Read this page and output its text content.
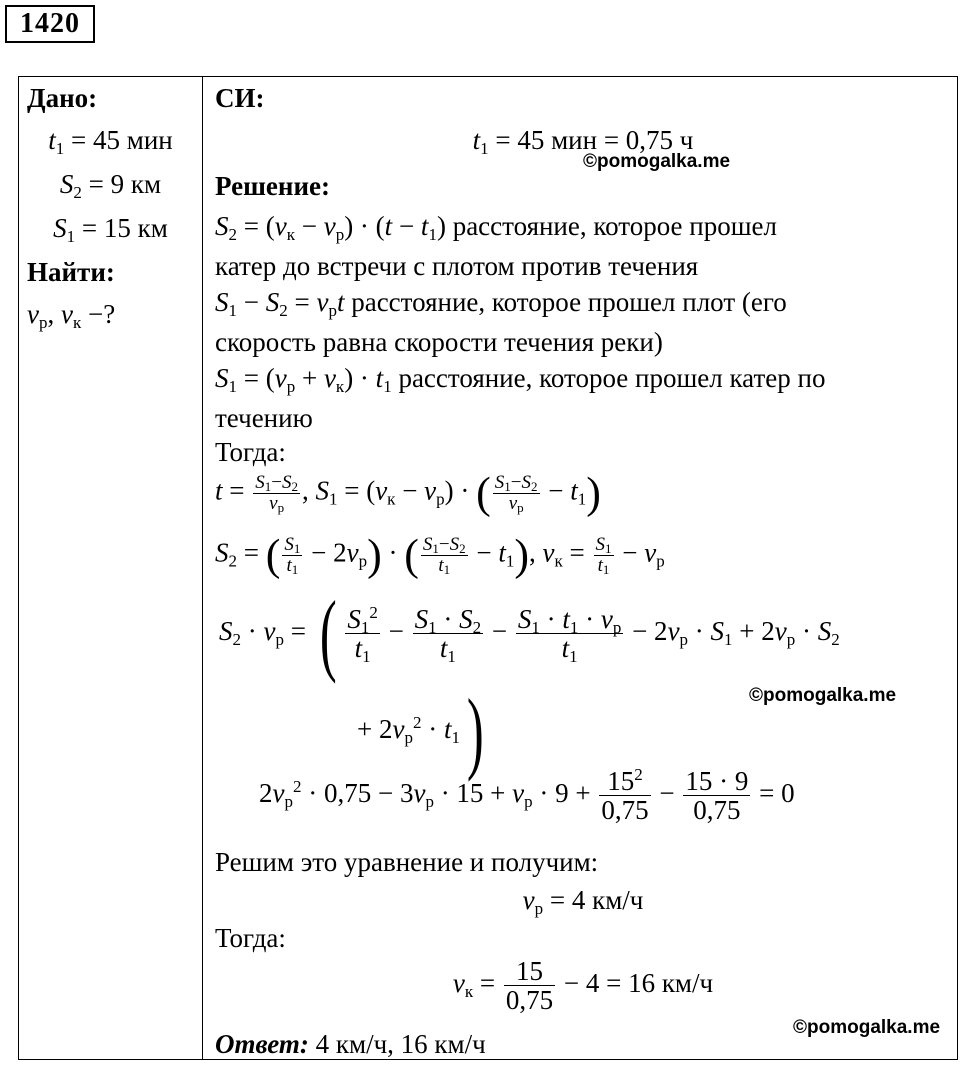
1420
Дано:
$t_1 = 45$ мин
$S_2 = 9$ км
$S_1 = 15$ км
Найти:
$v_р$, $v_к$ −?
СИ:
$t_1 = 45$ мин = 0,75 ч
Решение:
$S_2 = (v_к - v_р) \cdot (t - t_1)$ расстояние, которое прошел
катер до встречи с плотом против течения
$S_1 - S_2 = v_рt$ расстояние, которое прошел плот (его
скорость равна скорости течения реки)
$S_1 = (v_р + v_к) \cdot t_1$ расстояние, которое прошел катер по
течению
Тогда:
$t = \frac{S_1-S_2}{v_р}$ , $S_1 = (v_к - v_р)$ · ( $\frac{S_1-S_2}{v_р} - t_1$)
$S_2$ = ( $\frac{S_1}{t_1} - 2v_р$) · ( $\frac{S_1-S_2}{t_1} - t_1$), $v_к = \frac{S_1}{t_1} - v_р$
$S_2 \cdot v_р$ = ( $\frac{S_1^2}{t_1} - \frac{S_1 \cdot S_2}{t_1} - \frac{S_1 \cdot t_1 \cdot v_р}{t_1} - 2v_р \cdot S_1 + 2v_р \cdot S_2$
+ $2v_р^2 \cdot t_1$)
$2v_р^2 \cdot 0,75 - 3v_р \cdot 15 + v_р \cdot 9 + \frac{15^2}{0,75} - \frac{15 \cdot 9}{0,75} = 0$
Решим это уравнение и получим:
$v_р = 4$ км/ч
Тогда:
$v_к = \frac{15}{0,75} - 4 = 16$ км/ч
Ответ: 4 км/ч, 16 км/ч
©pomogalka.me
©pomogalka.me
©pomogalka.me
